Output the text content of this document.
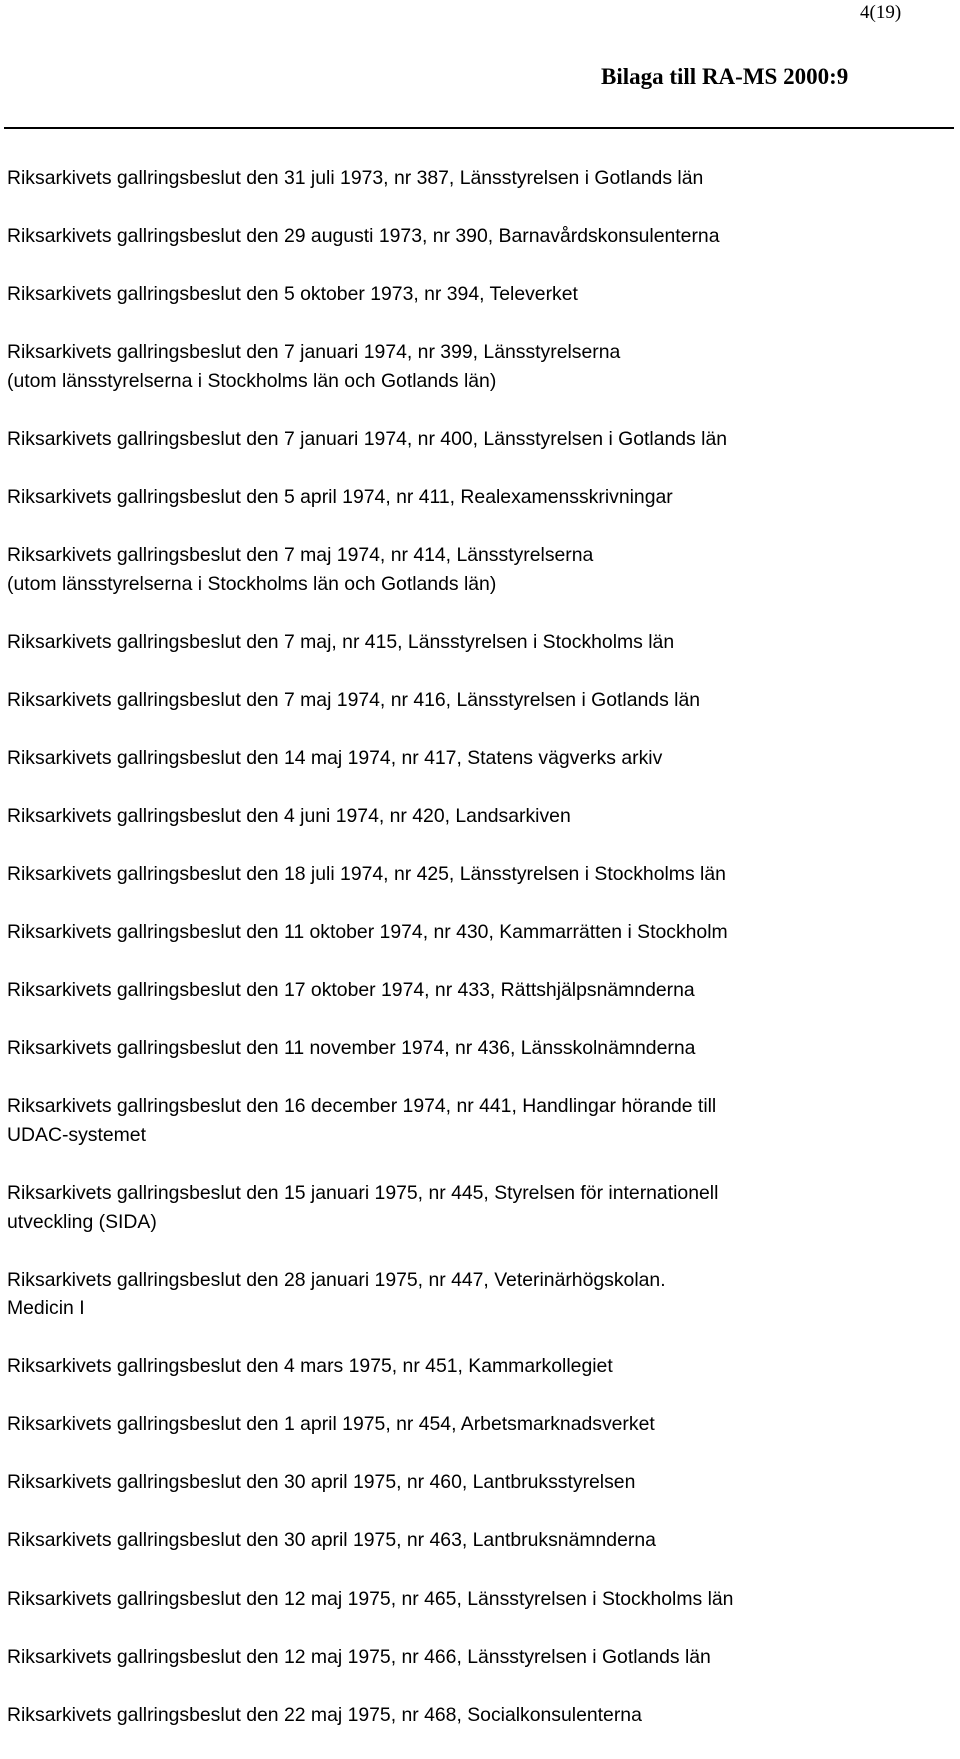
4(19)
Bilaga till RA-MS 2000:9
Riksarkivets gallringsbeslut den 31 juli 1973, nr 387, Länsstyrelsen i Gotlands län
Riksarkivets gallringsbeslut den 29 augusti 1973, nr 390, Barnavårdskonsulenterna
Riksarkivets gallringsbeslut den 5 oktober 1973, nr 394, Televerket
Riksarkivets gallringsbeslut den 7 januari 1974, nr 399, Länsstyrelserna
(utom länsstyrelserna i Stockholms län och Gotlands län)
Riksarkivets gallringsbeslut den 7 januari 1974, nr 400, Länsstyrelsen i Gotlands län
Riksarkivets gallringsbeslut den 5 april 1974, nr 411, Realexamensskrivningar
Riksarkivets gallringsbeslut den 7 maj 1974, nr 414, Länsstyrelserna
(utom länsstyrelserna i Stockholms län och Gotlands län)
Riksarkivets gallringsbeslut den 7 maj, nr 415, Länsstyrelsen i Stockholms län
Riksarkivets gallringsbeslut den 7 maj 1974, nr 416, Länsstyrelsen i Gotlands län
Riksarkivets gallringsbeslut den 14 maj 1974, nr 417, Statens vägverks arkiv
Riksarkivets gallringsbeslut den 4 juni 1974, nr 420, Landsarkiven
Riksarkivets gallringsbeslut den 18 juli 1974, nr 425, Länsstyrelsen i Stockholms län
Riksarkivets gallringsbeslut den 11 oktober 1974, nr 430, Kammarrätten i Stockholm
Riksarkivets gallringsbeslut den 17 oktober 1974, nr 433, Rättshjälpsnämnderna
Riksarkivets gallringsbeslut den 11 november 1974, nr 436, Länsskolnämnderna
Riksarkivets gallringsbeslut den 16 december 1974, nr 441, Handlingar hörande till
UDAC-systemet
Riksarkivets gallringsbeslut den 15 januari 1975, nr 445, Styrelsen för internationell
utveckling (SIDA)
Riksarkivets gallringsbeslut den 28 januari 1975, nr 447, Veterinärhögskolan.
Medicin I
Riksarkivets gallringsbeslut den 4 mars 1975, nr 451, Kammarkollegiet
Riksarkivets gallringsbeslut den 1 april 1975, nr 454, Arbetsmarknadsverket
Riksarkivets gallringsbeslut den 30 april 1975, nr 460, Lantbruksstyrelsen
Riksarkivets gallringsbeslut den 30 april 1975, nr 463, Lantbruksnämnderna
Riksarkivets gallringsbeslut den 12 maj 1975, nr 465, Länsstyrelsen i Stockholms län
Riksarkivets gallringsbeslut den 12 maj 1975, nr 466, Länsstyrelsen i Gotlands län
Riksarkivets gallringsbeslut den 22 maj 1975, nr 468, Socialkonsulenterna
